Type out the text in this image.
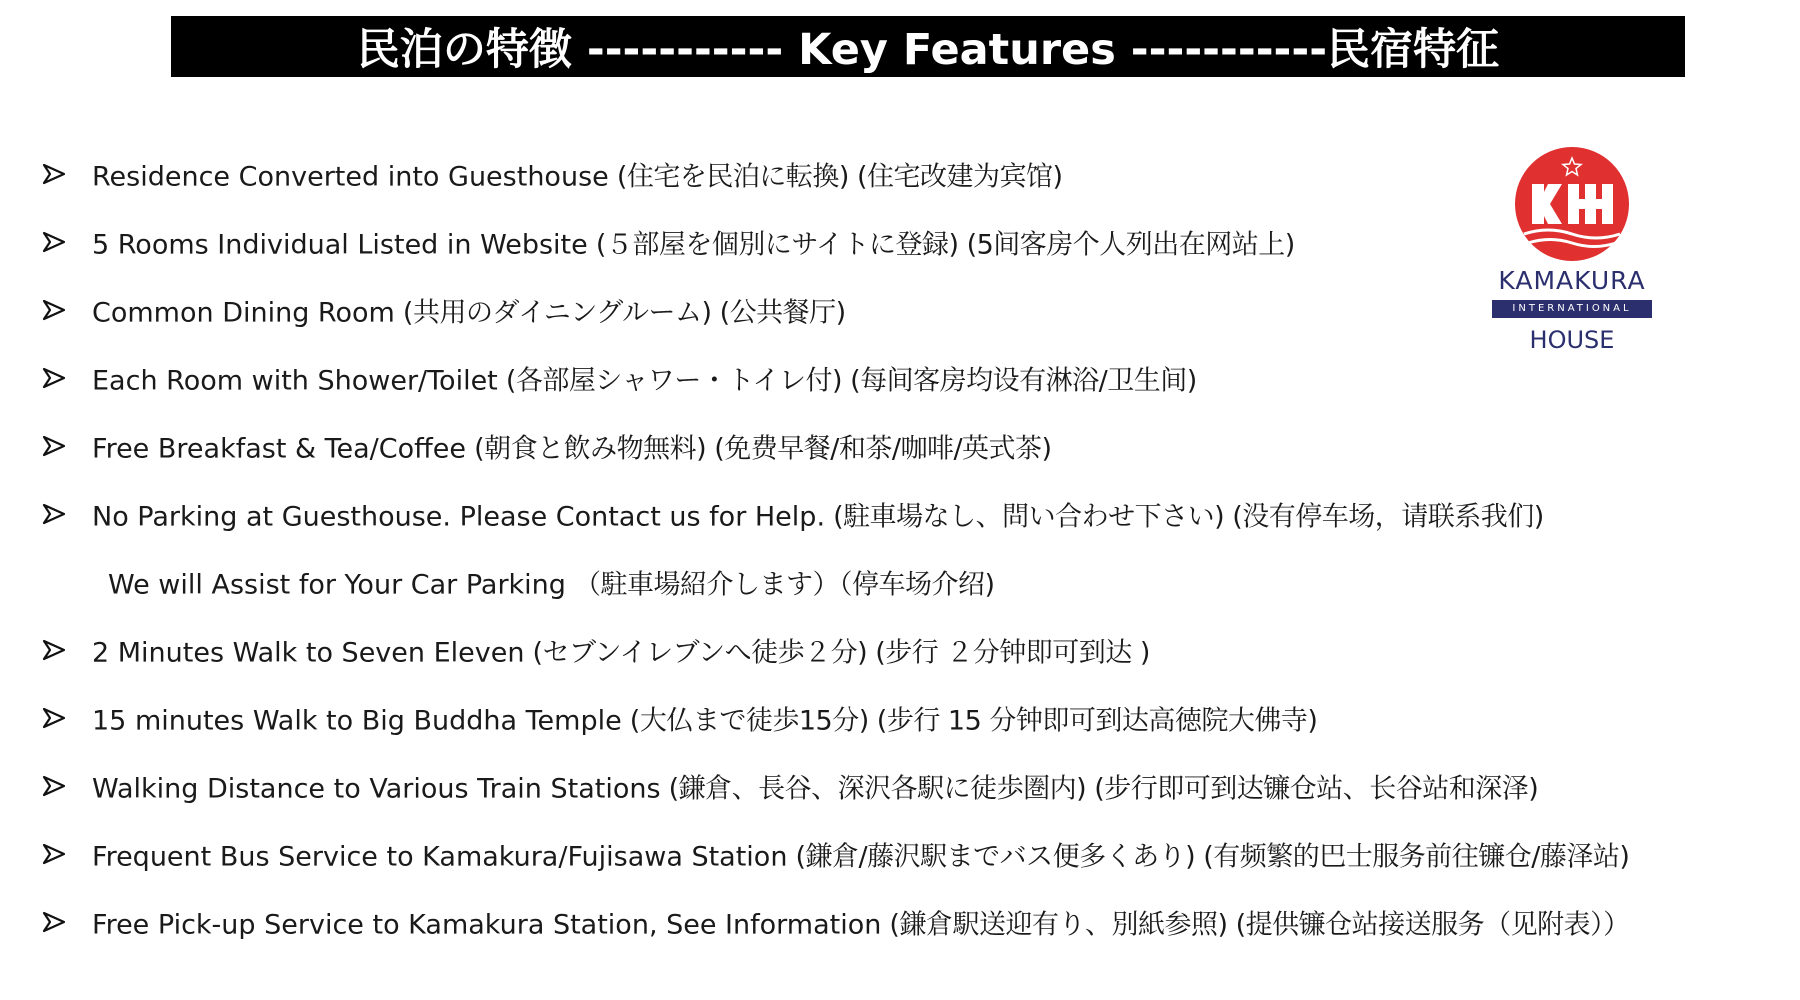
民泊の特徴 ----------- Key Features -----------民宿特征
Residence Converted into Guesthouse (住宅を民泊に転換) (住宅改建为宾馆)
5 Rooms Individual Listed in Website (５部屋を個別にサイトに登録) (5间客房个人列出在网站上)
Common Dining Room (共用のダイニングルーム) (公共餐厅)
Each Room with Shower/Toilet (各部屋シャワー・トイレ付) (每间客房均设有淋浴/卫生间)
Free Breakfast & Tea/Coffee (朝食と飲み物無料) (免费早餐/和茶/咖啡/英式茶)
No Parking at Guesthouse. Please Contact us for Help. (駐車場なし、問い合わせ下さい) (没有停车场，请联系我们)
We will Assist for Your Car Parking （駐車場紹介します）（停车场介绍)
2 Minutes Walk to Seven Eleven (セブンイレブンへ徒歩２分) (步行 ２分钟即可到达 )
15 minutes Walk to Big Buddha Temple (大仏まで徒歩15分) (步行 15 分钟即可到达高徳院大佛寺)
Walking Distance to Various Train Stations (鎌倉、長谷、深沢各駅に徒歩圏内) (步行即可到达镰仓站、长谷站和深泽)
Frequent Bus Service to Kamakura/Fujisawa Station (鎌倉/藤沢駅までバス便多くあり) (有频繁的巴士服务前往镰仓/藤泽站)
Free Pick-up Service to Kamakura Station, See Information (鎌倉駅送迎有り、別紙参照) (提供镰仓站接送服务（见附表））
KAMAKURA
INTERNATIONAL
HOUSE
